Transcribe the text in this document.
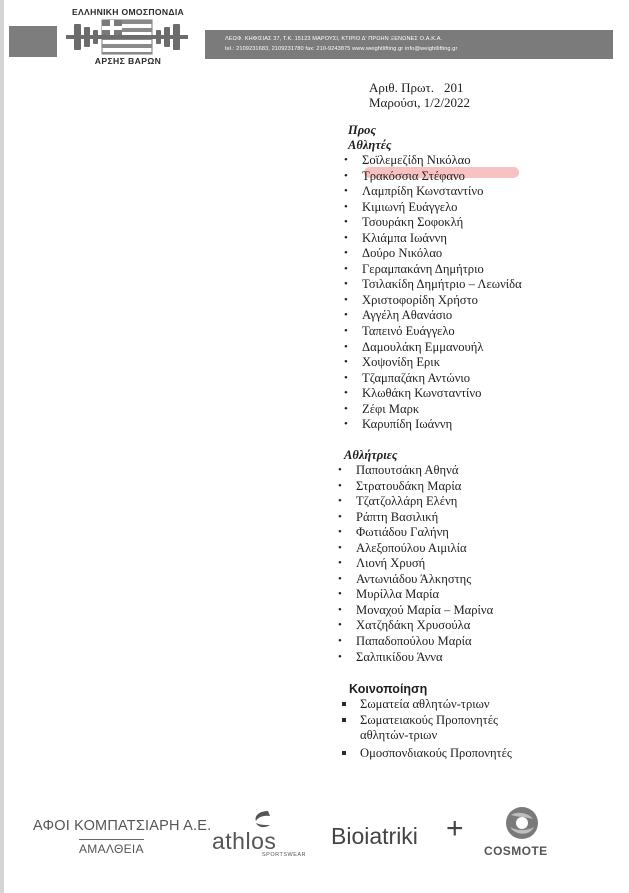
ΕΛΛΗΝΙΚΗ ΟΜΟΣΠΟΝΔΙΑ
ΑΡΣΗΣ ΒΑΡΩΝ
ΛΕΩΦ. ΚΗΦΙΣΙΑΣ 37, Τ.Κ. 15123 ΜΑΡΟΥΣΙ, ΚΤΙΡΙΟ Δ' ΠΡΩΗΝ ΞΕΝΩΝΕΣ Ο.Α.Κ.Α.
tel.: 2109231683, 2109231780 fax: 210-9243875 www.weightlifting.gr info@weightlifting.gr
Αριθ. Πρωτ. 201
Μαρούσι, 1/2/2022
Προς
Αθλητές
• Σοϊλεμεζίδη Νικόλαο
• Τρακόσσια Στέφανο
• Λαμπρίδη Κωνσταντίνο
• Κιμιωνή Ευάγγελο
• Τσουράκη Σοφοκλή
• Κλιάμπα Ιωάννη
• Δούρο Νικόλαο
• Γεραμπακάνη Δημήτριο
• Τσιλακίδη Δημήτριο – Λεωνίδα
• Χριστοφορίδη Χρήστο
• Αγγέλη Αθανάσιο
• Ταπεινό Ευάγγελο
• Δαμουλάκη Εμμανουήλ
• Χοψονίδη Ερικ
• Τζαμπαζάκη Αντώνιο
• Κλωθάκη Κωνσταντίνο
• Ζέφι Μαρκ
• Καρυπίδη Ιωάννη
Αθλήτριες
• Παπουτσάκη Αθηνά
• Στρατουδάκη Μαρία
• Τζατζολλάρη Ελένη
• Ράπτη Βασιλική
• Φωτιάδου Γαλήνη
• Αλεξοπούλου Αιμιλία
• Λιονή Χρυσή
• Αντωνιάδου Άλκηστης
• Μυρίλλα Μαρία
• Μοναχού Μαρία – Μαρίνα
• Χατζηδάκη Χρυσούλα
• Παπαδοπούλου Μαρία
• Σαλπικίδου Άννα
Κοινοποίηση
Σωματεία αθλητών-τριων
Σωματειακούς Προπονητές
αθλητών-τριων
Ομοσπονδιακούς Προπονητές
ΑΦΟΙ ΚΟΜΠΑΤΣΙΑΡΗ Α.Ε.
ΑΜΑΛΘΕΙΑ	athlos
SPORTSWEAR
Bioiatriki +
COSMOTE
